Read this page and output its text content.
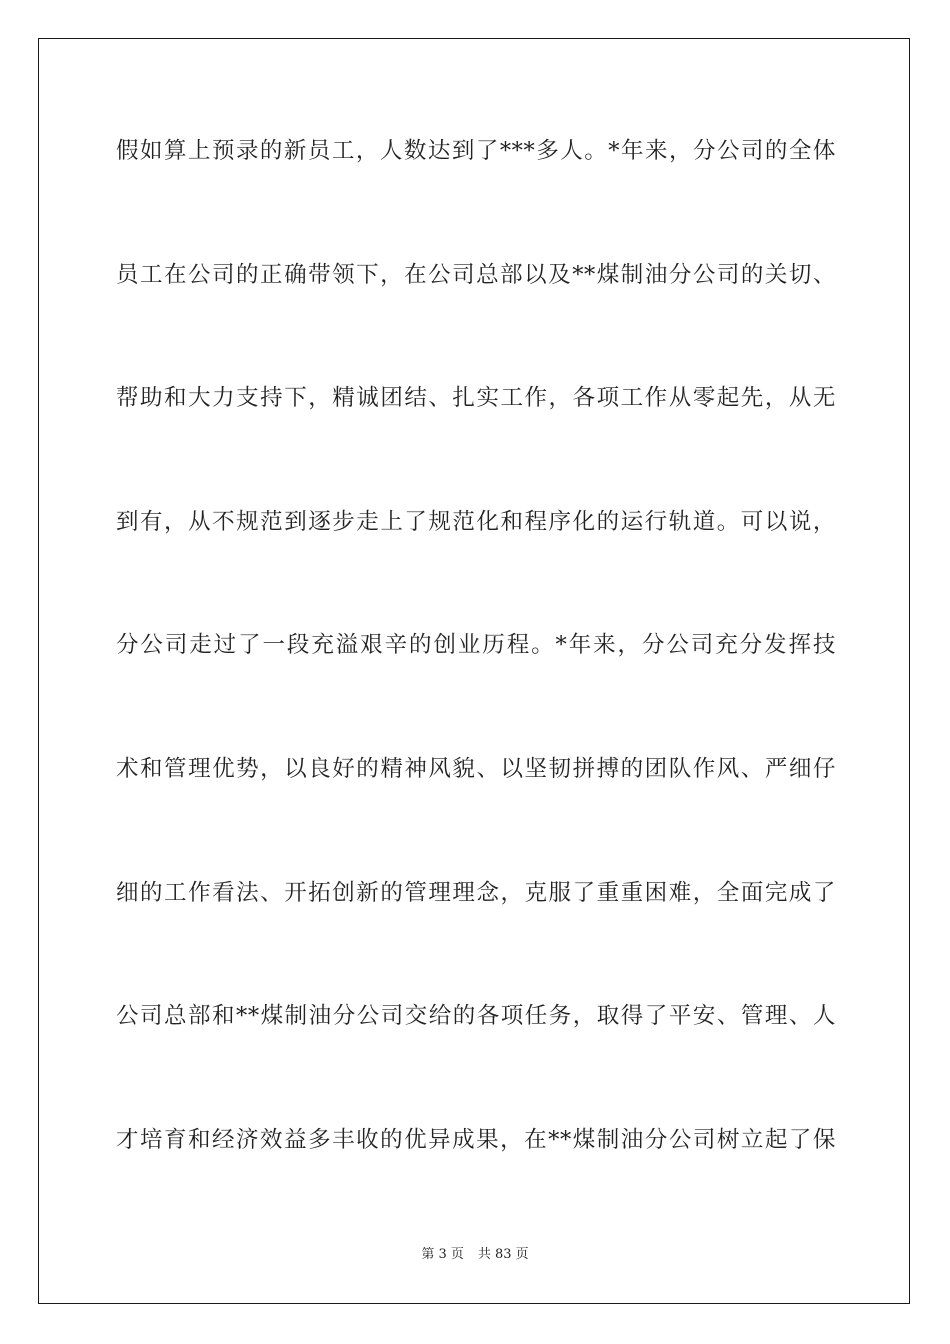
假如算上预录的新员工，人数达到了***多人。*年来，分公司的全体
员工在公司的正确带领下，在公司总部以及**煤制油分公司的关切、
帮助和大力支持下，精诚团结、扎实工作，各项工作从零起先，从无
到有，从不规范到逐步走上了规范化和程序化的运行轨道。可以说，
分公司走过了一段充溢艰辛的创业历程。*年来，分公司充分发挥技
术和管理优势，以良好的精神风貌、以坚韧拼搏的团队作风、严细仔
细的工作看法、开拓创新的管理理念，克服了重重困难，全面完成了
公司总部和**煤制油分公司交给的各项任务，取得了平安、管理、人
才培育和经济效益多丰收的优异成果，在**煤制油分公司树立起了保
第 3 页 共 83 页
